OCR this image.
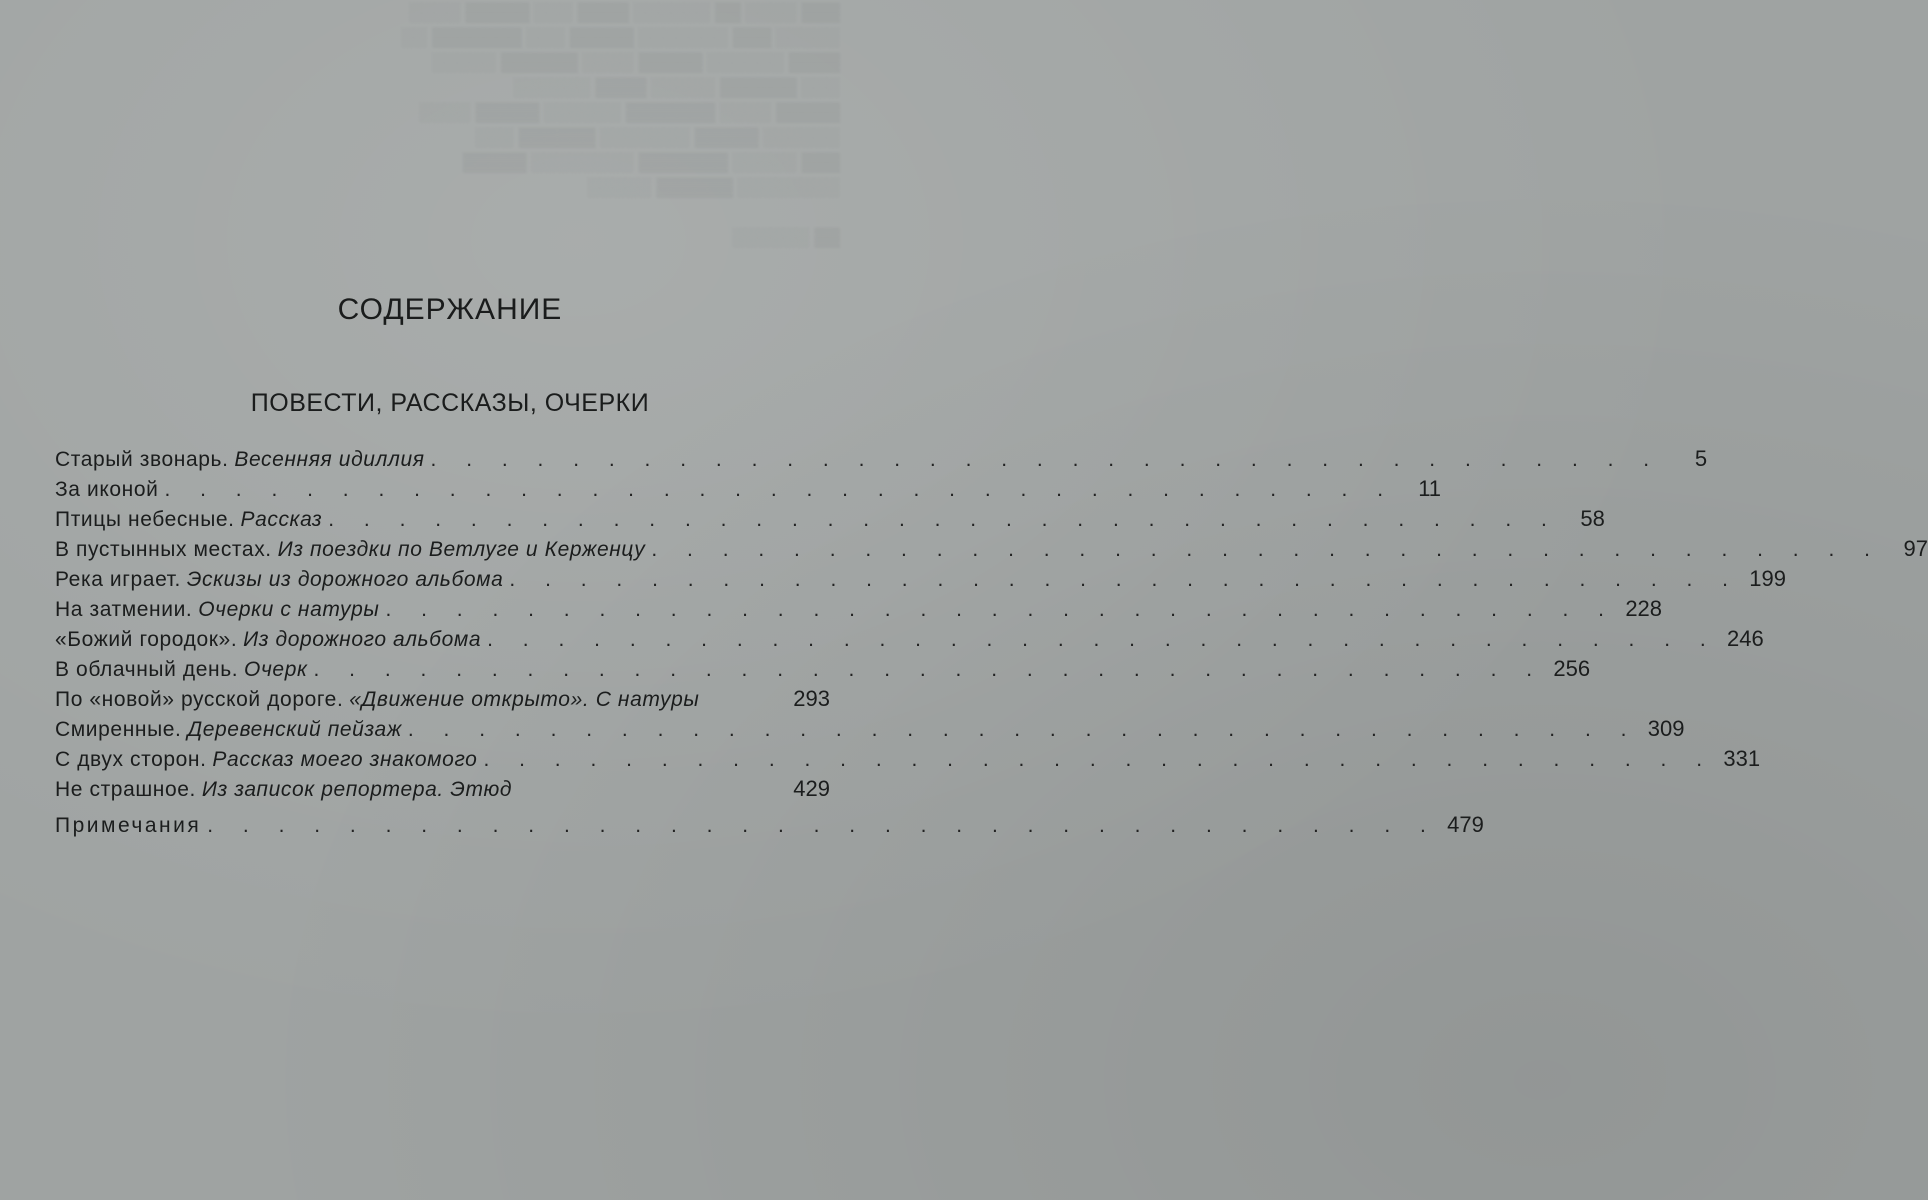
▒▒▒ ░░░░ ▒▒ ░░░░░░ ▒▒▒▒ ░░░ ▒▒▒▒▒ ░░░░
░░░░░ ▒▒▒ ░░░░░░░ ▒▒▒▒▒ ░░░ ▒▒▒▒▒▒▒ ░░
▒▒▒▒ ░░░░░░ ▒▒▒▒▒ ░░░░ ▒▒▒▒▒▒ ░░░░░
░░░ ▒▒▒▒▒▒ ░░░░░ ▒▒▒▒ ░░░░░░
▒▒▒▒▒ ░░░░ ▒▒▒▒▒▒▒ ░░░░░░ ▒▒▒▒▒ ░░░░
░░░░░░ ▒▒▒▒▒ ░░░░░░░ ▒▒▒▒▒▒ ░░░
▒▒▒ ░░░░░ ▒▒▒▒▒▒▒ ░░░░░░░░ ▒▒▒▒▒
░░░░░░░░ ▒▒▒▒▒▒ ░░░░░

▒▒ ░░░░░░
СОДЕРЖАНИЕ
ПОВЕСТИ, РАССКАЗЫ, ОЧЕРКИ
Старый звонарь. Весенняя идиллия . . . . . . . . . . . . . . . . . . . . . . . . . . . . . . . . . . .	5
За иконой . . . . . . . . . . . . . . . . . . . . . . . . . . . . . . . . . . .	11
Птицы небесные. Рассказ . . . . . . . . . . . . . . . . . . . . . . . . . . . . . . . . . . . 58
В пустынных местах. Из поездки по Ветлуге и Керженцу . . . . . . . . . . . . . . . . . . . . . . . . . . . . . . . . . . . 97
Река играет. Эскизы из дорожного альбома . . . . . . . . . . . . . . . . . . . . . . . . . . . . . . . . . . . 199
На затмении. Очерки с натуры . . . . . . . . . . . . . . . . . . . . . . . . . . . . . . . . . . . 228
«Божий городок». Из дорожного альбома . . . . . . . . . . . . . . . . . . . . . . . . . . . . . . . . . . . 246
В облачный день. Очерк . . . . . . . . . . . . . . . . . . . . . . . . . . . . . . . . . . . 256
По «новой» русской дороге. «Движение открыто». С натуры	293
Смиренные. Деревенский пейзаж . . . . . . . . . . . . . . . . . . . . . . . . . . . . . . . . . . . 309
С двух сторон. Рассказ моего знакомого . . . . . . . . . . . . . . . . . . . . . . . . . . . . . . . . . . . 331
Не страшное. Из записок репортера. Этюд	429
Примечания . . . . . . . . . . . . . . . . . . . . . . . . . . . . . . . . . . . 479
